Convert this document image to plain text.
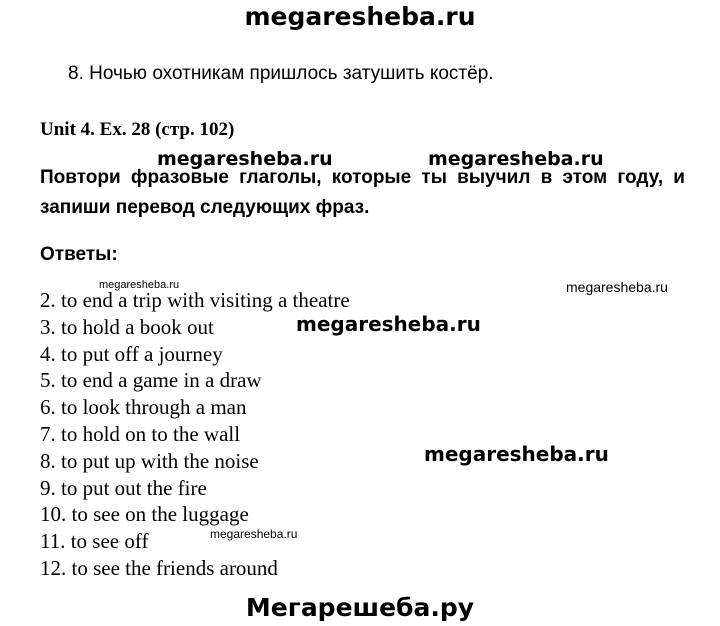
megaresheba.ru
8. Ночью охотникам пришлось затушить костёр.
Unit 4. Ex. 28 (стр. 102)
megaresheba.ru	megaresheba.ru
Повтори фразовые глаголы, которые ты выучил в этом году, и запиши перевод следующих фраз.
Ответы:
2. to end a trip with visiting a theatre
3. to hold a book out
4. to put off a journey
5. to end a game in a draw
6. to look through a man
7. to hold on to the wall
8. to put up with the noise
9. to put out the fire
10. to see on the luggage
11. to see off
12. to see the friends around
megaresheba.ru	megaresheba.ru
megaresheba.ru
megaresheba.ru
megaresheba.ru
Мегарешеба.ру
